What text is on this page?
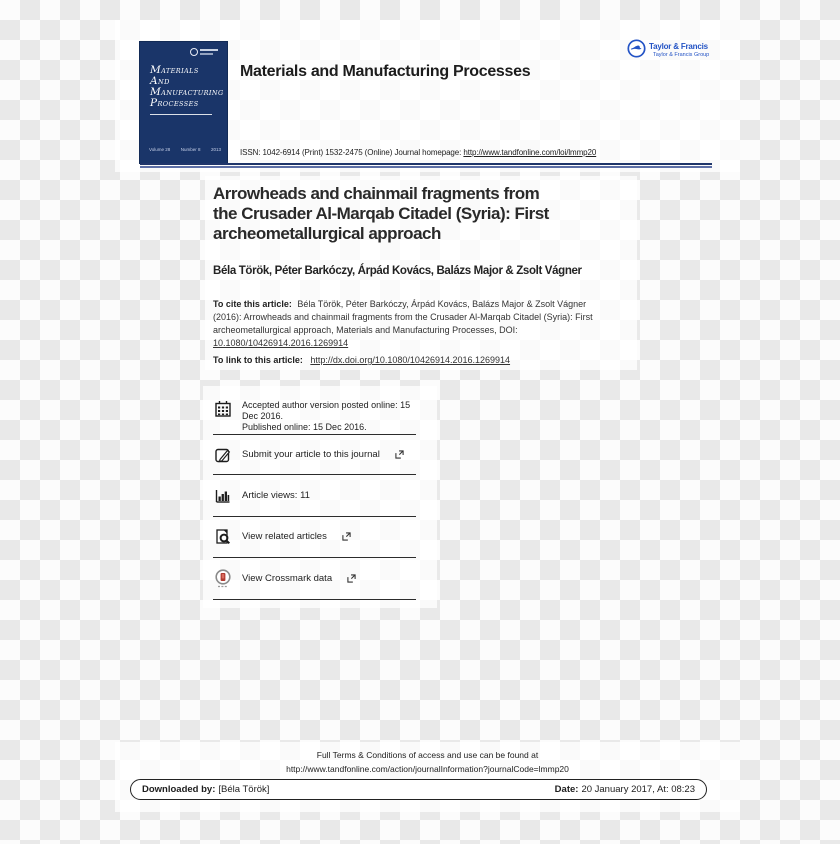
MATERIALS
AND
MANUFACTURING
PROCESSES
Volume 28 Number 8 2013
Materials and Manufacturing Processes
Taylor & Francis
Taylor & Francis Group
ISSN: 1042-6914 (Print) 1532-2475 (Online) Journal homepage: http://www.tandfonline.com/loi/lmmp20
Arrowheads and chainmail fragments from
the Crusader Al-Marqab Citadel (Syria): First
archeometallurgical approach
Béla Török, Péter Barkóczy, Árpád Kovács, Balázs Major & Zsolt Vágner
To cite this article: Béla Török, Péter Barkóczy, Árpád Kovács, Balázs Major & Zsolt Vágner (2016): Arrowheads and chainmail fragments from the Crusader Al-Marqab Citadel (Syria): First archeometallurgical approach, Materials and Manufacturing Processes, DOI: 10.1080/10426914.2016.1269914
To link to this article: http://dx.doi.org/10.1080/10426914.2016.1269914
Accepted author version posted online: 15 Dec 2016.
Published online: 15 Dec 2016.
Submit your article to this journal
Article views: 11
View related articles
View Crossmark data
Full Terms & Conditions of access and use can be found at
http://www.tandfonline.com/action/journalInformation?journalCode=lmmp20
Downloaded by: [Béla Török]	Date: 20 January 2017, At: 08:23
